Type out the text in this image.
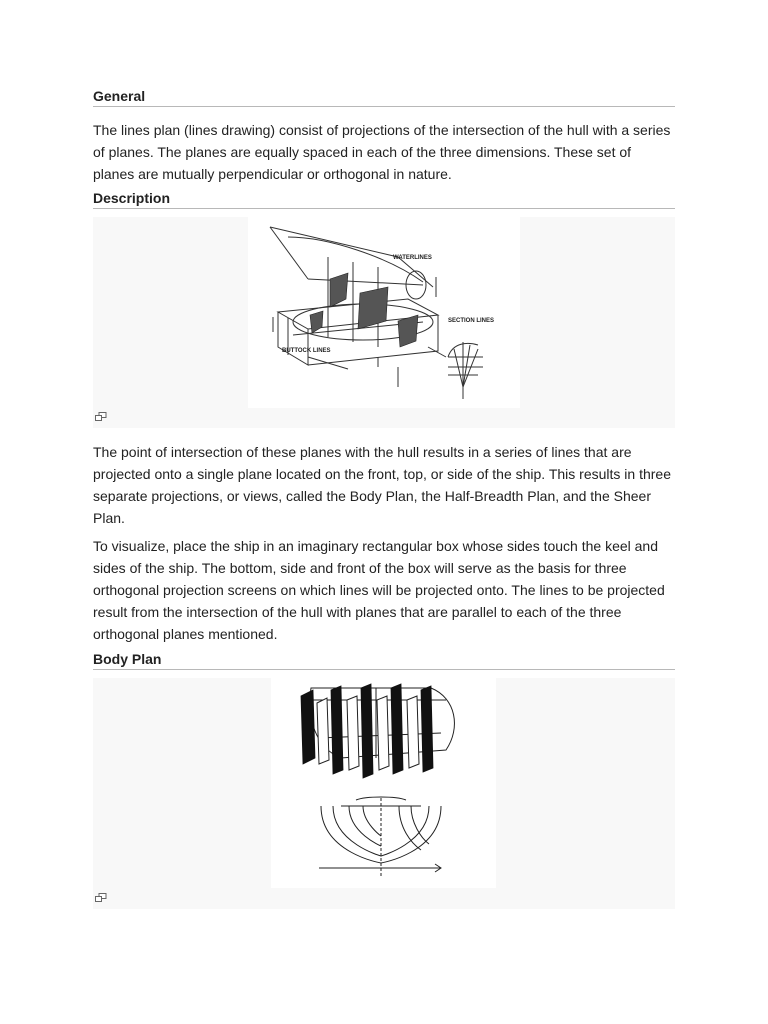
General

The lines plan (lines drawing) consist of projections of the intersection of the hull with a series of planes. The planes are equally spaced in each of the three dimensions. These set of planes are mutually perpendicular or orthogonal in nature.

Description
WATERLINES
SECTION LINES
BUTTOCK LINES

The point of intersection of these planes with the hull results in a series of lines that are projected onto a single plane located on the front, top, or side of the ship. This results in three separate projections, or views, called the Body Plan, the Half-Breadth Plan, and the Sheer Plan.

To visualize, place the ship in an imaginary rectangular box whose sides touch the keel and sides of the ship. The bottom, side and front of the box will serve as the basis for three orthogonal projection screens on which lines will be projected onto. The lines to be projected result from the intersection of the hull with planes that are parallel to each of the three orthogonal planes mentioned.

Body Plan
